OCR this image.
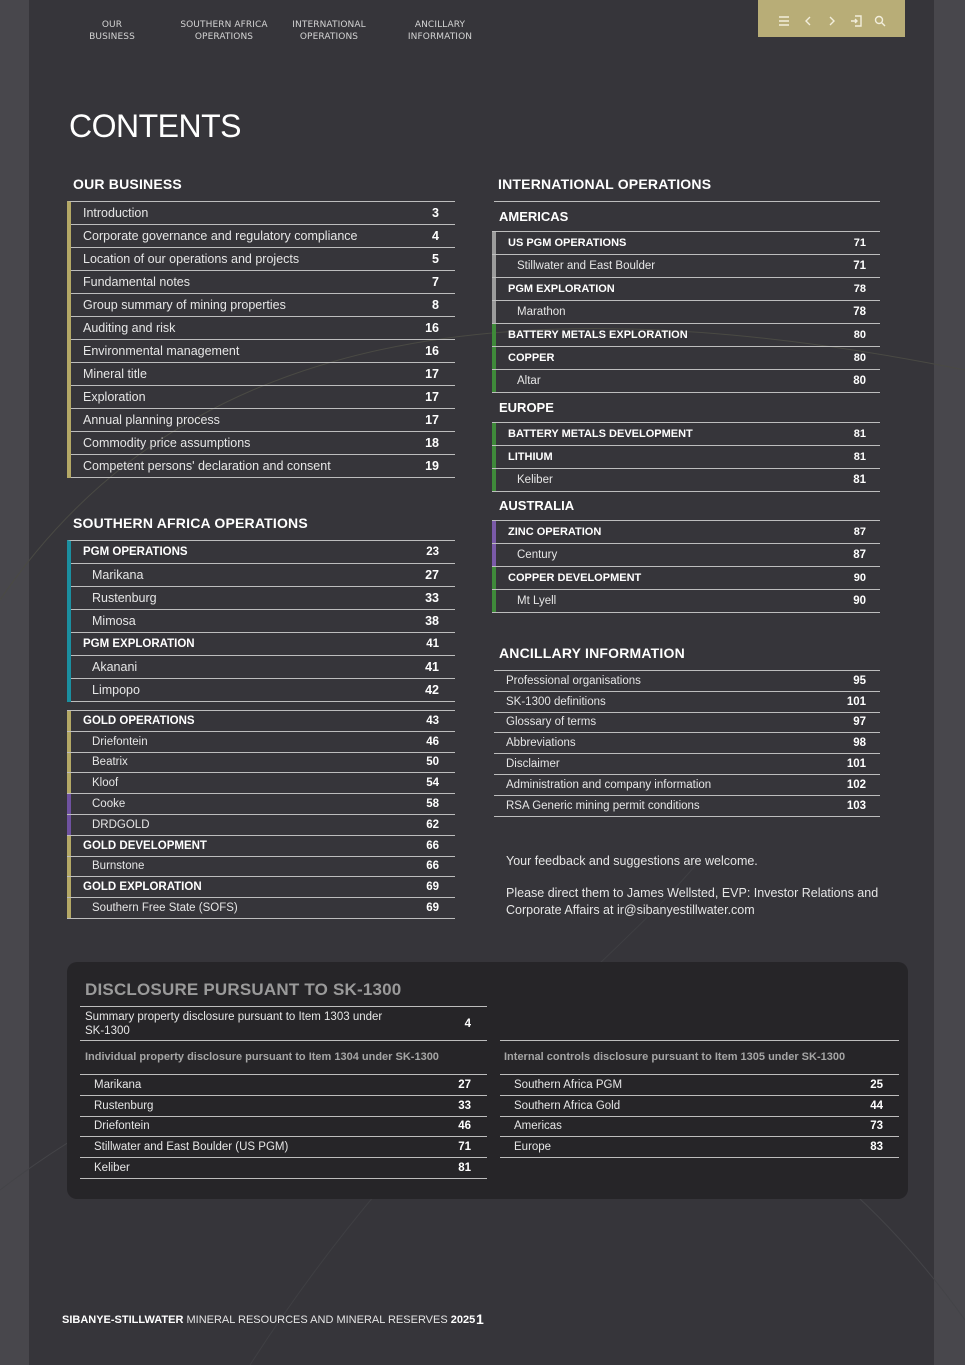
OUR
BUSINESS
SOUTHERN AFRICA
OPERATIONS
INTERNATIONAL
OPERATIONS
ANCILLARY
INFORMATION
CONTENTS
OUR BUSINESS
Introduction	3
Corporate governance and regulatory compliance	4
Location of our operations and projects	5
Fundamental notes	7
Group summary of mining properties	8
Auditing and risk	16
Environmental management	16
Mineral title	17
Exploration	17
Annual planning process	17
Commodity price assumptions	18
Competent persons' declaration and consent	19
SOUTHERN AFRICA OPERATIONS
PGM OPERATIONS	23
Marikana	27
Rustenburg	33
Mimosa	38
PGM EXPLORATION	41
Akanani	41
Limpopo	42
GOLD OPERATIONS	43
Driefontein	46
Beatrix	50
Kloof	54
Cooke	58
DRDGOLD	62
GOLD DEVELOPMENT	66
Burnstone	66
GOLD EXPLORATION	69
Southern Free State (SOFS)	69
INTERNATIONAL OPERATIONS
AMERICAS
US PGM OPERATIONS	71
Stillwater and East Boulder	71
PGM EXPLORATION	78
Marathon	78
BATTERY METALS EXPLORATION	80
COPPER	80
Altar	80
EUROPE
BATTERY METALS DEVELOPMENT	81
LITHIUM	81
Keliber	81
AUSTRALIA
ZINC OPERATION	87
Century	87
COPPER DEVELOPMENT	90
Mt Lyell	90
ANCILLARY INFORMATION
Professional organisations	95
SK-1300 definitions	101
Glossary of terms	97
Abbreviations	98
Disclaimer	101
Administration and company information	102
RSA Generic mining permit conditions	103

Your feedback and suggestions are welcome.

Please direct them to James Wellsted, EVP: Investor Relations and Corporate Affairs at ir@sibanyestillwater.com

DISCLOSURE PURSUANT TO SK-1300
Summary property disclosure pursuant to Item 1303 under SK-1300
4
Individual property disclosure pursuant to Item 1304 under SK-1300
Marikana	27
Rustenburg	33
Driefontein	46
Stillwater and East Boulder (US PGM)	71
Keliber	81
Internal controls disclosure pursuant to Item 1305 under SK-1300
Southern Africa PGM	25
Southern Africa Gold	44
Americas	73
Europe	83
SIBANYE-STILLWATER MINERAL RESOURCES AND MINERAL RESERVES 2025 1
